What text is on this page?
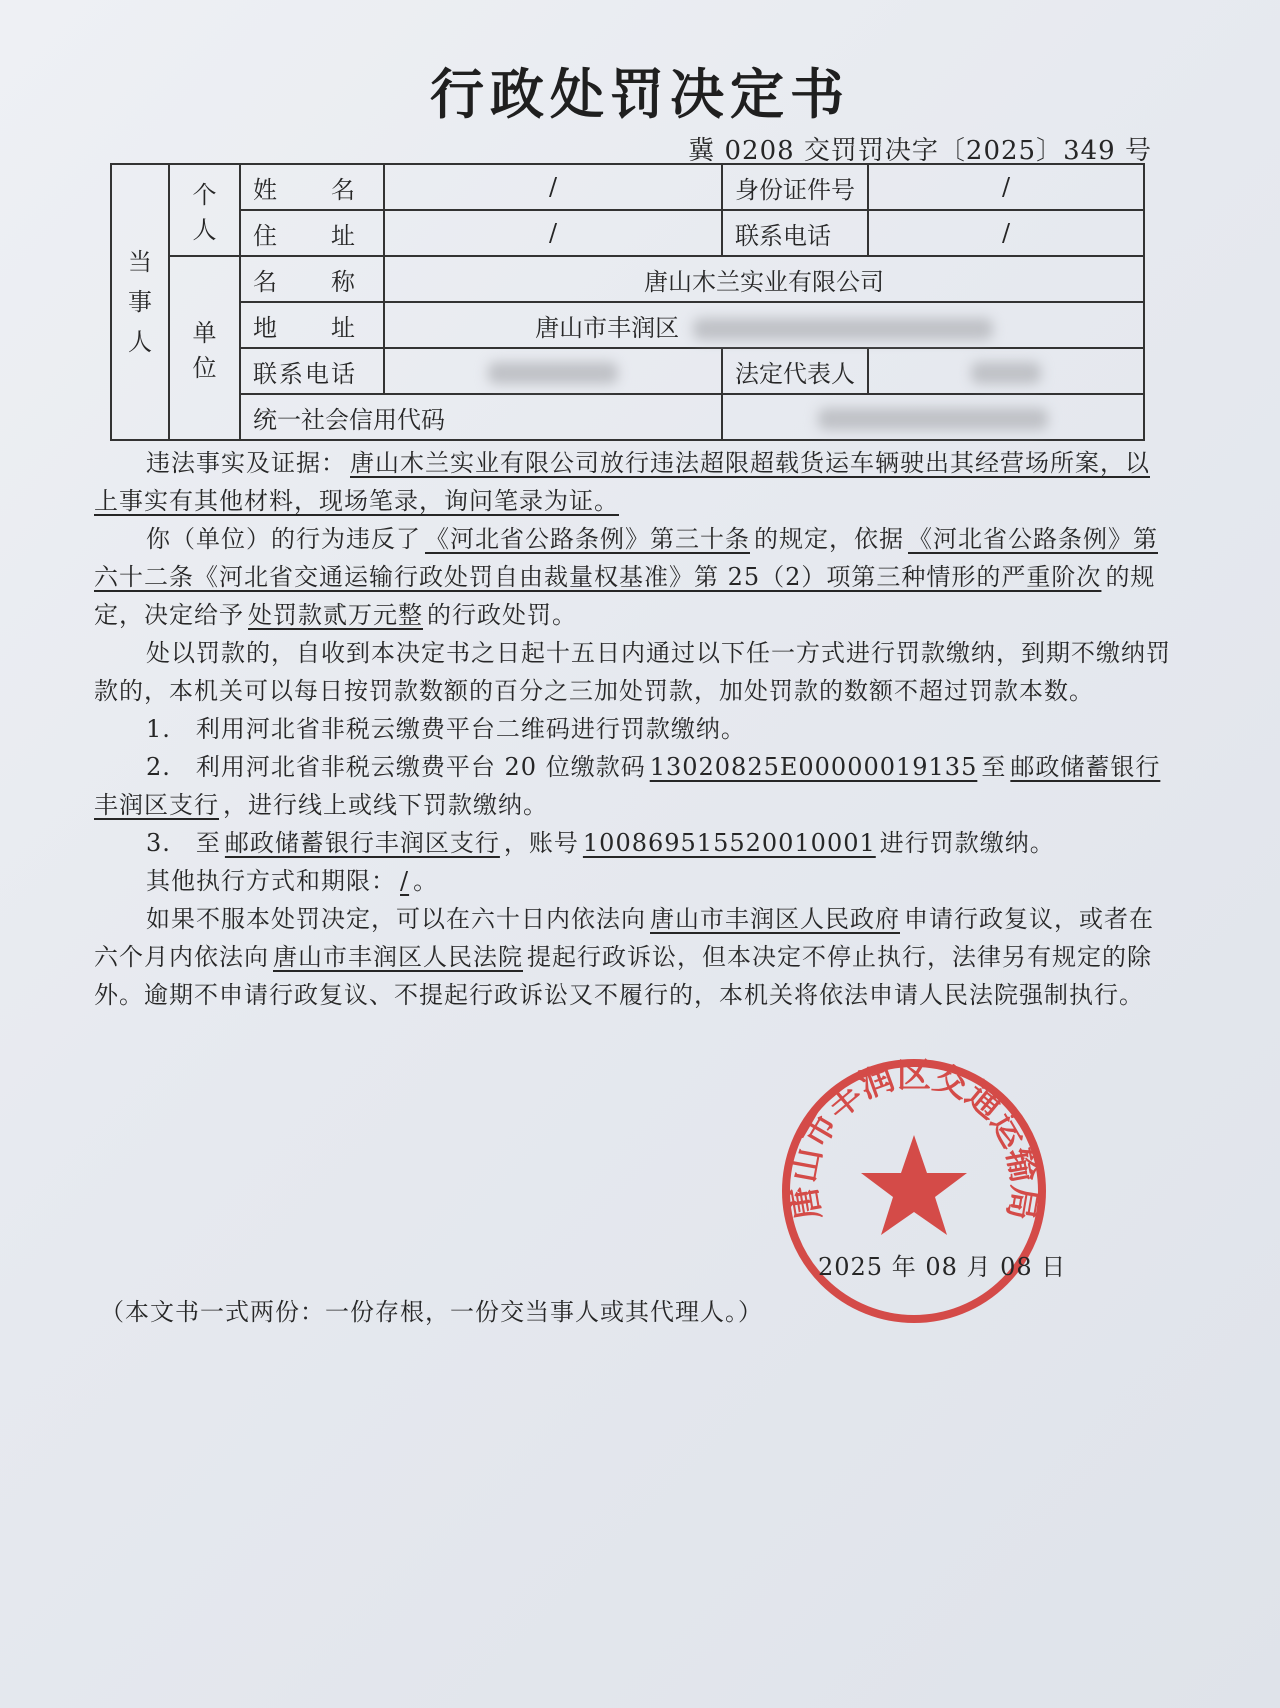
行政处罚决定书
冀 0208 交罚罚决字〔2025〕349 号
当事人	个人	姓　　名	/	身份证件号	/
		住　　址	/	联系电话	/
	单位	名　　称	唐山木兰实业有限公司		
		地　　址	唐山市丰润区		
		联系电话		法定代表人	
		统一社会信用代码			

违法事实及证据： 唐山木兰实业有限公司放行违法超限超载货运车辆驶出其经营场所案，以上事实有其他材料，现场笔录，询问笔录为证。

你（单位）的行为违反了 《河北省公路条例》第三十条 的规定，依据 《河北省公路条例》第六十二条《河北省交通运输行政处罚自由裁量权基准》第 25（2）项第三种情形的严重阶次 的规定，决定给予 处罚款贰万元整 的行政处罚。

处以罚款的，自收到本决定书之日起十五日内通过以下任一方式进行罚款缴纳，到期不缴纳罚款的，本机关可以每日按罚款数额的百分之三加处罚款，加处罚款的数额不超过罚款本数。

1.　利用河北省非税云缴费平台二维码进行罚款缴纳。

2.　利用河北省非税云缴费平台 20 位缴款码 13020825E00000019135 至 邮政储蓄银行丰润区支行 ，进行线上或线下罚款缴纳。

3.　至 邮政储蓄银行丰润区支行 ，账号 100869515520010001 进行罚款缴纳。

其他执行方式和期限： / 。

如果不服本处罚决定，可以在六十日内依法向 唐山市丰润区人民政府 申请行政复议，或者在六个月内依法向 唐山市丰润区人民法院 提起行政诉讼，但本决定不停止执行，法律另有规定的除外。逾期不申请行政复议、不提起行政诉讼又不履行的，本机关将依法申请人民法院强制执行。

唐山市丰润区交通运输局
2025 年 08 月 08 日
（本文书一式两份：一份存根，一份交当事人或其代理人。）
